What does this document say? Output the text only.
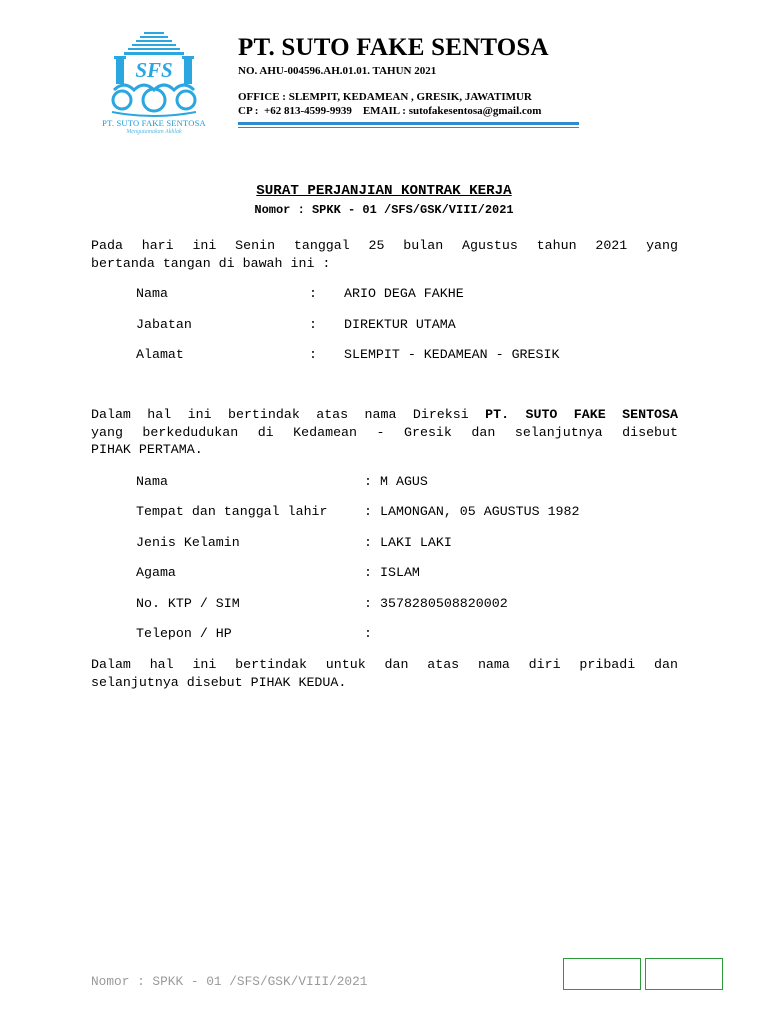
SFS
PT. SUTO FAKE SENTOSA
Mengutamakan Akhlak
PT. SUTO FAKE SENTOSA
NO. AHU-004596.AH.01.01. TAHUN 2021
OFFICE : SLEMPIT, KEDAMEAN , GRESIK, JAWATIMUR
CP : +62 813-4599-9939 EMAIL : sutofakesentosa@gmail.com
SURAT PERJANJIAN KONTRAK KERJA
Nomor : SPKK - 01 /SFS/GSK/VIII/2021
Pada hari ini Senin tanggal 25 bulan Agustus tahun 2021 yang
bertanda tangan di bawah ini :
Nama	: ARIO DEGA FAKHE
Jabatan	: DIREKTUR UTAMA
Alamat	: SLEMPIT - KEDAMEAN - GRESIK
Dalam hal ini bertindak atas nama Direksi PT. SUTO FAKE SENTOSA
yang berkedudukan di Kedamean - Gresik dan selanjutnya disebut
PIHAK PERTAMA.
Nama	: M AGUS
Tempat dan tanggal lahir	: LAMONGAN, 05 AGUSTUS 1982
Jenis Kelamin	: LAKI LAKI
Agama	: ISLAM
No. KTP / SIM	: 3578280508820002
Telepon / HP	:
Dalam hal ini bertindak untuk dan atas nama diri pribadi dan
selanjutnya disebut PIHAK KEDUA.
Nomor : SPKK - 01 /SFS/GSK/VIII/2021
